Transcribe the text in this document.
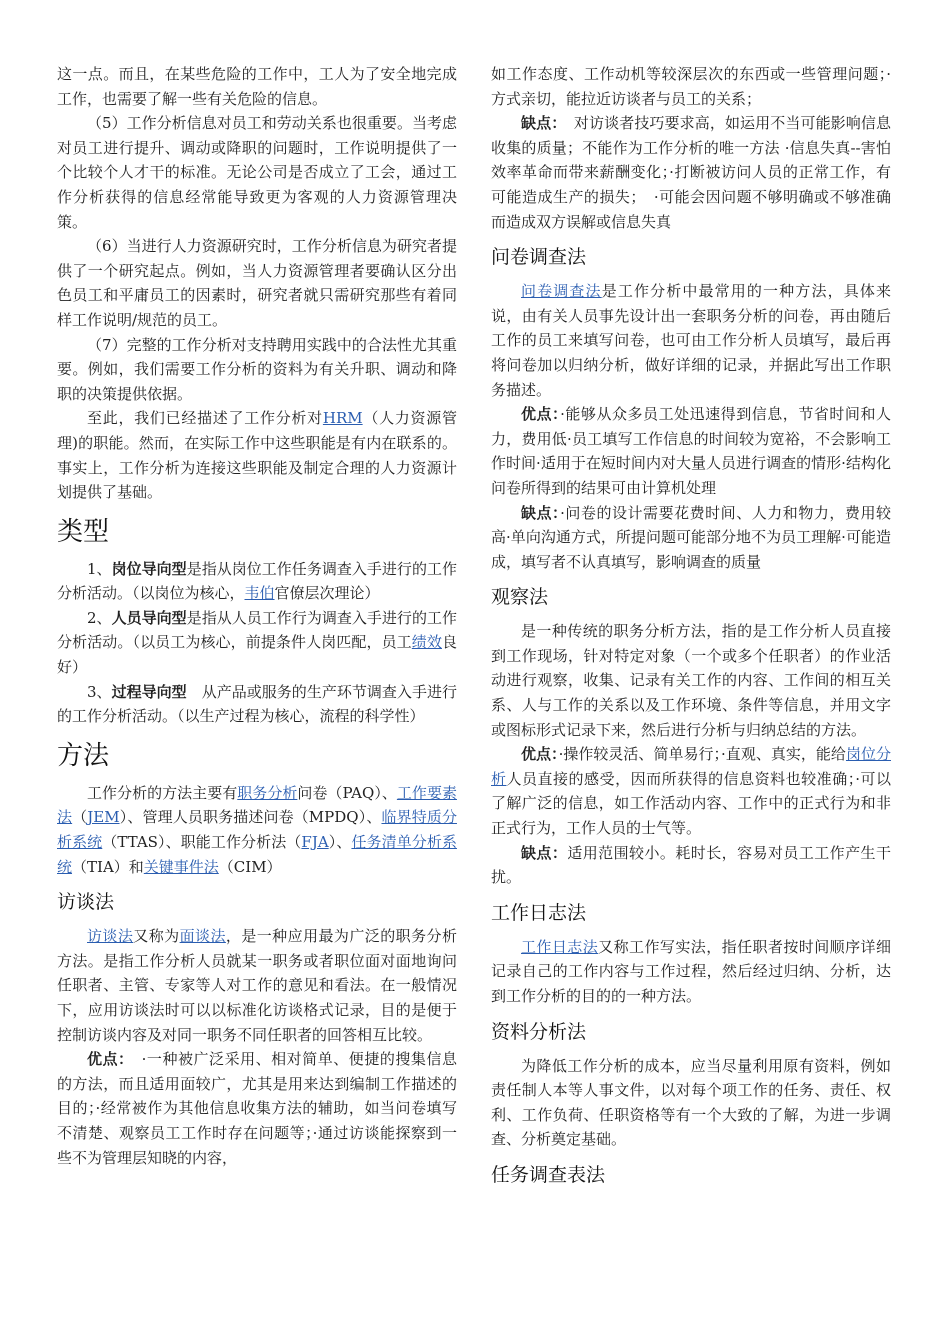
这一点。而且，在某些危险的工作中，工人为了安全地完成工作，也需要了解一些有关危险的信息。

（5）工作分析信息对员工和劳动关系也很重要。当考虑对员工进行提升、调动或降职的问题时，工作说明提供了一个比较个人才干的标准。无论公司是否成立了工会，通过工作分析获得的信息经常能导致更为客观的人力资源管理决策。

（6）当进行人力资源研究时，工作分析信息为研究者提供了一个研究起点。例如，当人力资源管理者要确认区分出色员工和平庸员工的因素时，研究者就只需研究那些有着同样工作说明/规范的员工。

（7）完整的工作分析对支持聘用实践中的合法性尤其重要。例如，我们需要工作分析的资料为有关升职、调动和降职的决策提供依据。

至此，我们已经描述了工作分析对HRM（人力资源管理)的职能。然而，在实际工作中这些职能是有内在联系的。事实上，工作分析为连接这些职能及制定合理的人力资源计划提供了基础。

类型

1、岗位导向型是指从岗位工作任务调查入手进行的工作分析活动。（以岗位为核心，韦伯官僚层次理论）

2、人员导向型是指从人员工作行为调查入手进行的工作分析活动。（以员工为核心，前提条件人岗匹配，员工绩效良好）

3、过程导向型　从产品或服务的生产环节调查入手进行的工作分析活动。（以生产过程为核心，流程的科学性）

方法

工作分析的方法主要有职务分析问卷（PAQ）、工作要素法（JEM）、管理人员职务描述问卷（MPDQ）、临界特质分析系统（TTAS）、职能工作分析法（FJA）、任务清单分析系统（TIA）和关键事件法（CIM）

访谈法

访谈法又称为面谈法，是一种应用最为广泛的职务分析方法。是指工作分析人员就某一职务或者职位面对面地询问任职者、主管、专家等人对工作的意见和看法。在一般情况下，应用访谈法时可以以标准化访谈格式记录，目的是便于控制访谈内容及对同一职务不同任职者的回答相互比较。

优点：　·一种被广泛采用、相对简单、便捷的搜集信息的方法，而且适用面较广，尤其是用来达到编制工作描述的目的；·经常被作为其他信息收集方法的辅助，如当问卷填写不清楚、观察员工工作时存在问题等；·通过访谈能探察到一些不为管理层知晓的内容，

如工作态度、工作动机等较深层次的东西或一些管理问题；·方式亲切，能拉近访谈者与员工的关系；

缺点：　对访谈者技巧要求高，如运用不当可能影响信息收集的质量；不能作为工作分析的唯一方法 ·信息失真--害怕效率革命而带来薪酬变化；·打断被访问人员的正常工作，有可能造成生产的损失；　·可能会因问题不够明确或不够准确而造成双方误解或信息失真

问卷调查法

问卷调查法是工作分析中最常用的一种方法，具体来说，由有关人员事先设计出一套职务分析的问卷，再由随后工作的员工来填写问卷，也可由工作分析人员填写，最后再将问卷加以归纳分析，做好详细的记录，并据此写出工作职务描述。

优点：·能够从众多员工处迅速得到信息，节省时间和人力，费用低·员工填写工作信息的时间较为宽裕，不会影响工作时间·适用于在短时间内对大量人员进行调查的情形·结构化问卷所得到的结果可由计算机处理

缺点：·问卷的设计需要花费时间、人力和物力，费用较高·单向沟通方式，所提问题可能部分地不为员工理解·可能造成，填写者不认真填写，影响调查的质量

观察法

是一种传统的职务分析方法，指的是工作分析人员直接到工作现场，针对特定对象（一个或多个任职者）的作业活动进行观察，收集、记录有关工作的内容、工作间的相互关系、人与工作的关系以及工作环境、条件等信息，并用文字或图标形式记录下来，然后进行分析与归纳总结的方法。

优点：·操作较灵活、简单易行；·直观、真实，能给岗位分析人员直接的感受，因而所获得的信息资料也较准确；·可以了解广泛的信息，如工作活动内容、工作中的正式行为和非正式行为，工作人员的士气等。

缺点：适用范围较小。耗时长，容易对员工工作产生干扰。

工作日志法

工作日志法又称工作写实法，指任职者按时间顺序详细记录自己的工作内容与工作过程，然后经过归纳、分析，达到工作分析的目的的一种方法。

资料分析法

为降低工作分析的成本，应当尽量利用原有资料，例如责任制人本等人事文件，以对每个项工作的任务、责任、权利、工作负荷、任职资格等有一个大致的了解，为进一步调查、分析奠定基础。

任务调查表法
